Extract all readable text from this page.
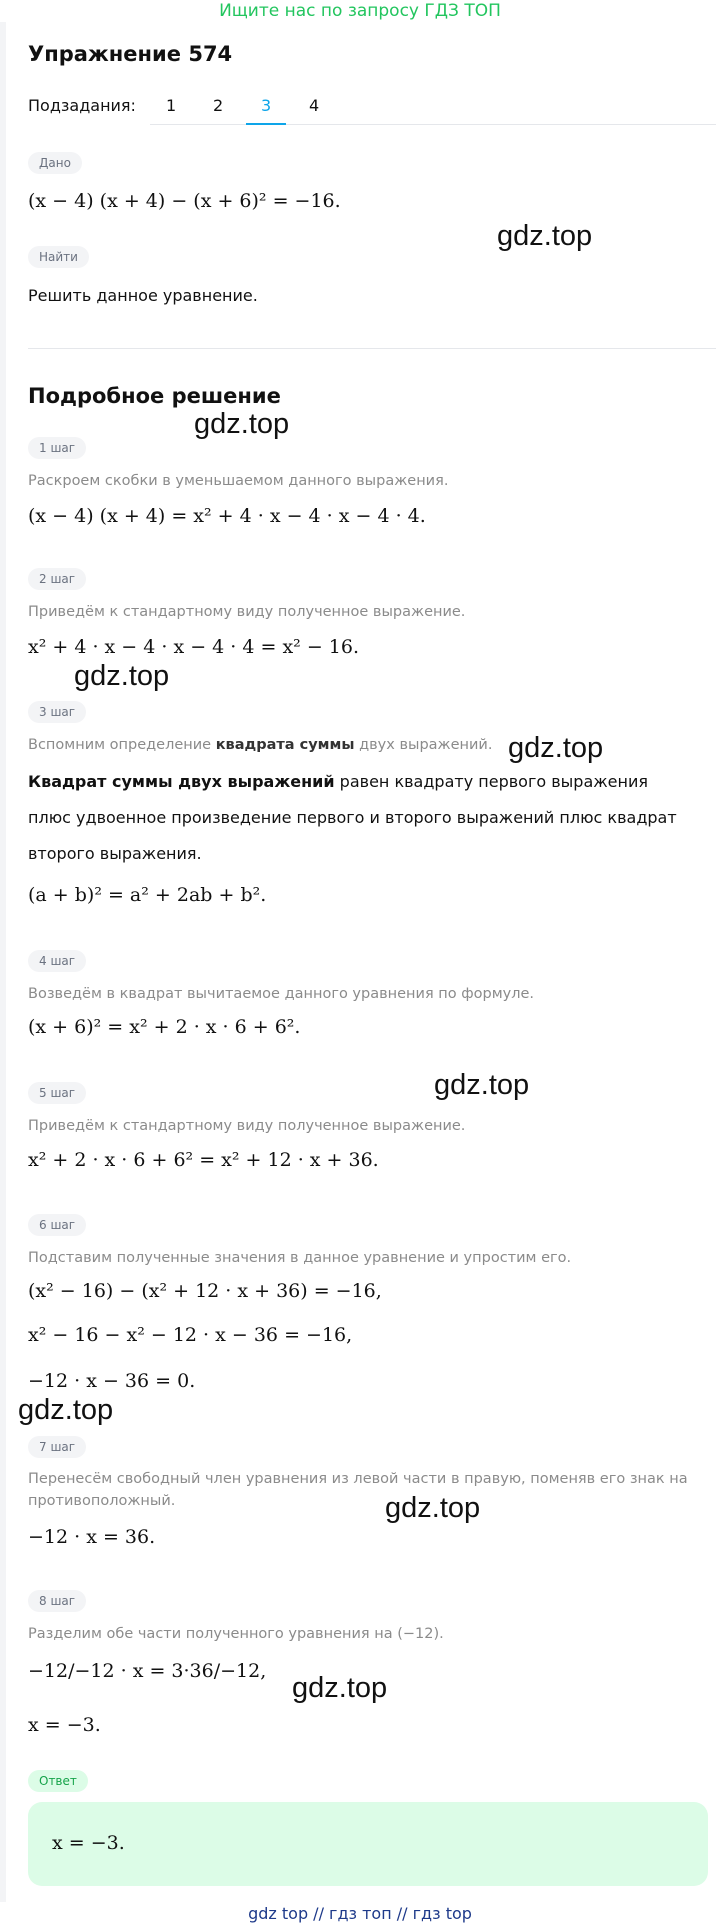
Ищите нас по запросу ГДЗ ТОП
Упражнение 574
Подзадания: 1 2 3 4
Дано
(x − 4) (x + 4) − (x + 6)² = −16.
Найти
Решить данное уравнение.
Подробное решение
1 шаг
Раскроем скобки в уменьшаемом данного выражения.
(x − 4) (x + 4) = x² + 4 · x − 4 · x − 4 · 4.
2 шаг
Приведём к стандартному виду полученное выражение.
x² + 4 · x − 4 · x − 4 · 4 = x² − 16.
3 шаг
Вспомним определение квадрата суммы двух выражений.
Квадрат суммы двух выражений равен квадрату первого выражения плюс удвоенное произведение первого и второго выражений плюс квадрат второго выражения.
(a + b)² = a² + 2ab + b².
4 шаг
Возведём в квадрат вычитаемое данного уравнения по формуле.
(x + 6)² = x² + 2 · x · 6 + 6².
5 шаг
Приведём к стандартному виду полученное выражение.
x² + 2 · x · 6 + 6² = x² + 12 · x + 36.
6 шаг
Подставим полученные значения в данное уравнение и упростим его.
(x² − 16) − (x² + 12 · x + 36) = −16,
x² − 16 − x² − 12 · x − 36 = −16,
−12 · x − 36 = 0.
7 шаг
Перенесём свободный член уравнения из левой части в правую, поменяв его знак на противоположный.
−12 · x = 36.
8 шаг
Разделим обе части полученного уравнения на (−12).
−12/−12 · x = 3·36/−12,
x = −3.
Ответ
x = −3.
gdz.top
gdz.top
gdz.top
gdz.top
gdz.top
gdz.top
gdz.top
gdz.top
gdz top // гдз топ // гдз top
